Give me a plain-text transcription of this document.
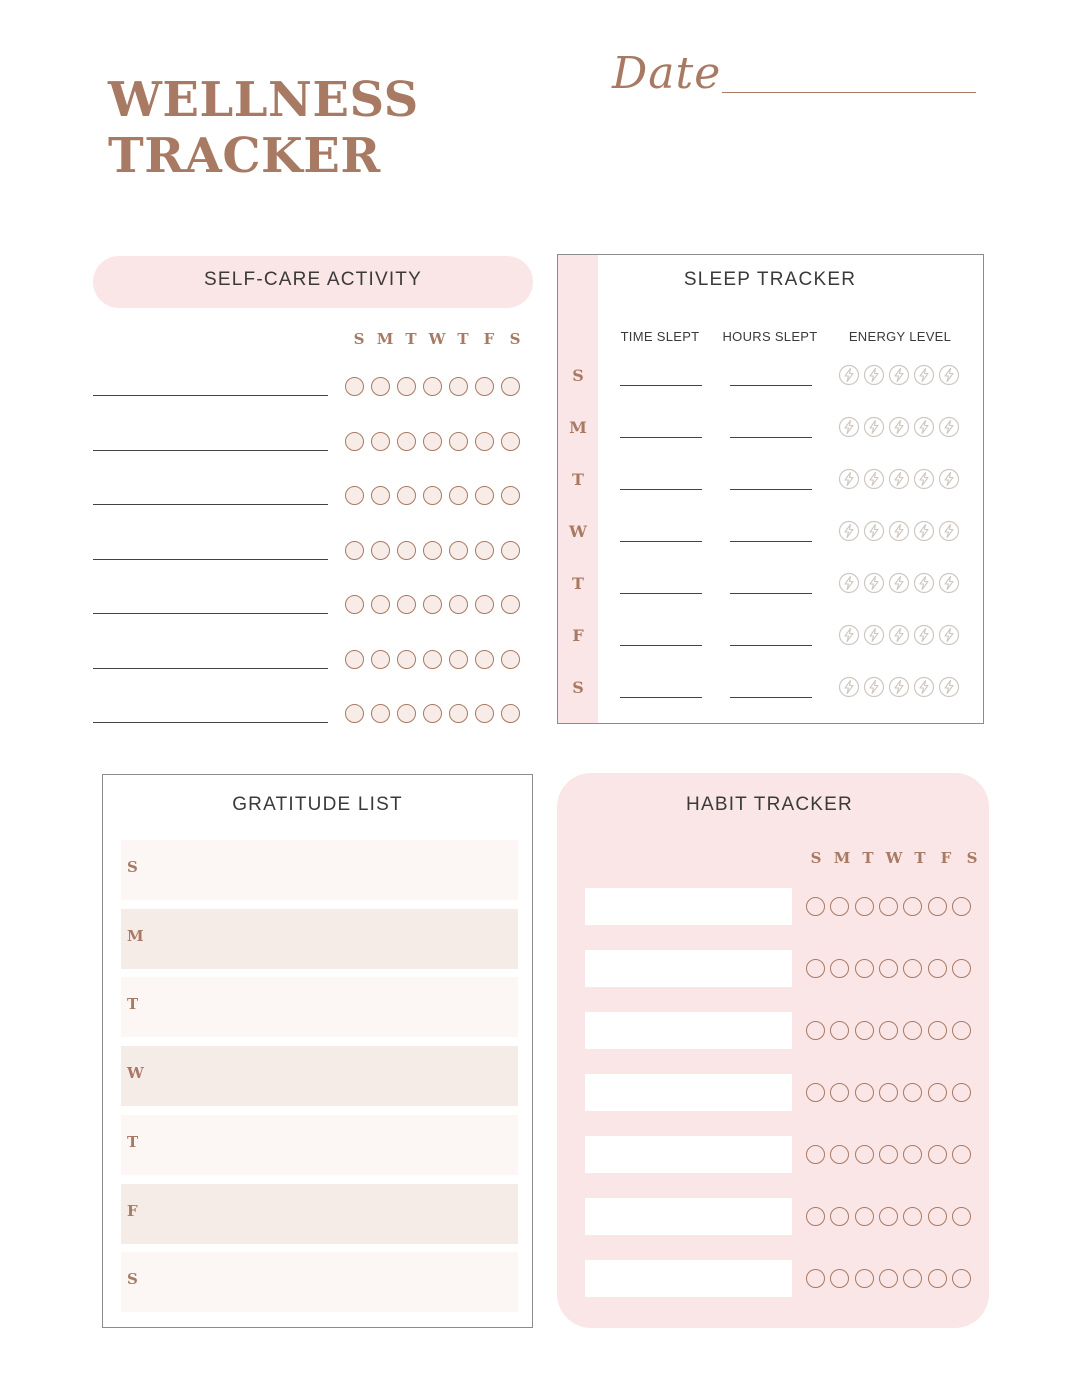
WELLNESS
TRACKER
Date
SELF-CARE ACTIVITY
S M T W T F S
SLEEP TRACKER
TIME SLEPT	HOURS SLEPT	ENERGY LEVEL
S
M
T
W
T
F
S
GRATITUDE LIST
S
M
T
W
T
F
S
HABIT TRACKER
S M T W T F S
